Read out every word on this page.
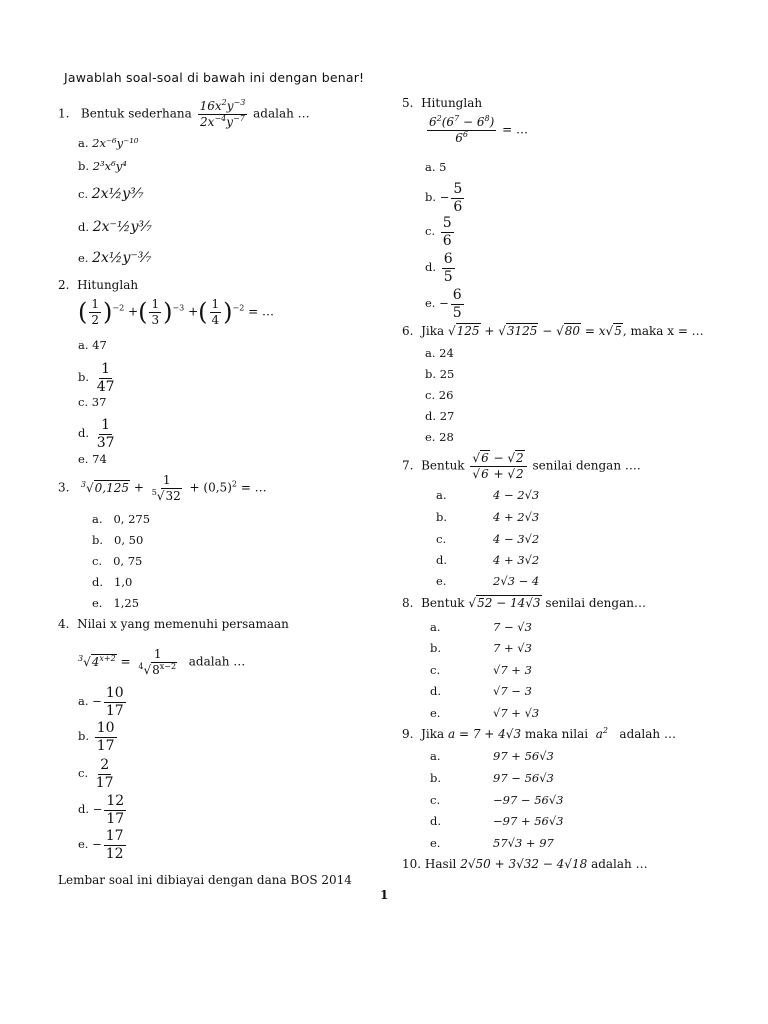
Jawablah soal-soal di bawah ini dengan benar!
1. Bentuk sederhana $\frac{16x^2y^{-3}}{2x^{-4}y^{-7}}$ adalah …
a. 2x⁻⁶y⁻¹⁰
b. 2³x⁶y⁴
c. 2x½y³⁄₇
d. 2x⁻½y³⁄₇
e. 2x½y⁻³⁄₇
2. Hitunglah
( $\frac{1}{2} )^{-2}$ +( $\frac{1}{3} )^{-3}$ +( $\frac{1}{4} )^{-2}$ = …
a. 47
b. $\frac{1}{47}$
c. 37
d. $\frac{1}{37}$
e. 74
3. $^3√0,125 + \frac{1}{^5√32} + (0,5)^2$ = …
a. 0, 275
b. 0, 50
c. 0, 75
d. 1,0
e. 1,25
4. Nilai x yang memenuhi persamaan
$^3√4^{x+2} = \frac{1}{^4√8^{x-2}}$ adalah …
a. − $\frac{10}{17}$
b. $\frac{10}{17}$
c. $\frac{2}{17}$
d. − $\frac{12}{17}$
e. − $\frac{17}{12}$
Lembar soal ini dibiayai dengan dana BOS 2014
1
5. Hitunglah
$\frac{6^2(6^7 - 6^8)}{6^6}$ = …
a. 5
b. − $\frac{5}{6}$
c. $\frac{5}{6}$
d. $\frac{6}{5}$
e. − $\frac{6}{5}$
6. Jika √125 + √3125 − √80 = x√5, maka x = …
a. 24
b. 25
c. 26
d. 27
e. 28
7. Bentuk $\frac{√6 - √2}{√6 + √2}$ senilai dengan ….
a.	4 − 2√3
b.	4 + 2√3
c.	4 − 3√2
d.	4 + 3√2
e.	2√3 − 4
8. Bentuk √52 − 14√3 senilai dengan…
a.	7 − √3
b.	7 + √3
c.	√7 + 3
d.	√7 − 3
e.	√7 + √3
9. Jika a = 7 + 4√3 maka nilai $a^2$ adalah …
a.	97 + 56√3
b.	97 − 56√3
c.	−97 − 56√3
d.	−97 + 56√3
e.	57√3 + 97
10. Hasil 2√50 + 3√32 − 4√18 adalah …
